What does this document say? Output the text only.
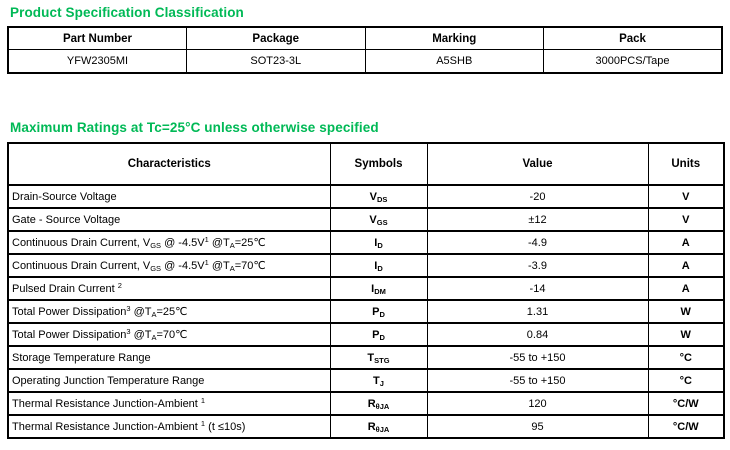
Product Specification Classification
Part Number	Package	Marking	Pack
YFW2305MI	SOT23-3L	A5SHB	3000PCS/Tape
Maximum Ratings at Tc=25°C unless otherwise specified
Characteristics	Symbols	Value	Units
Drain-Source Voltage	$V_{DS}$	-20	V
Gate - Source Voltage	$V_{GS}$	±12	V
Continuous Drain Current, $V_{GS}$ @ $-4.5V^1$ $@T_A=25℃$	$I_D$	-4.9	A
Continuous Drain Current, $V_{GS}$ @ $-4.5V^1$ $@T_A=70℃$	$I_D$	-3.9	A
Pulsed Drain Current $^2$	$I_{DM}$	-14	A
Total Power Dissipation$^3$ $@T_A=25℃$	$P_D$	1.31	W
Total Power Dissipation$^3$ $@T_A=70℃$	$P_D$	0.84	W
Storage Temperature Range	$T_{STG}$	-55 to +150	°C
Operating Junction Temperature Range	$T_J$	-55 to +150	°C
Thermal Resistance Junction-Ambient $^1$	$R_{\theta JA}$	120	°C/W
Thermal Resistance Junction-Ambient $^1$ (t ≤10s)	$R_{\theta JA}$	95	°C/W
